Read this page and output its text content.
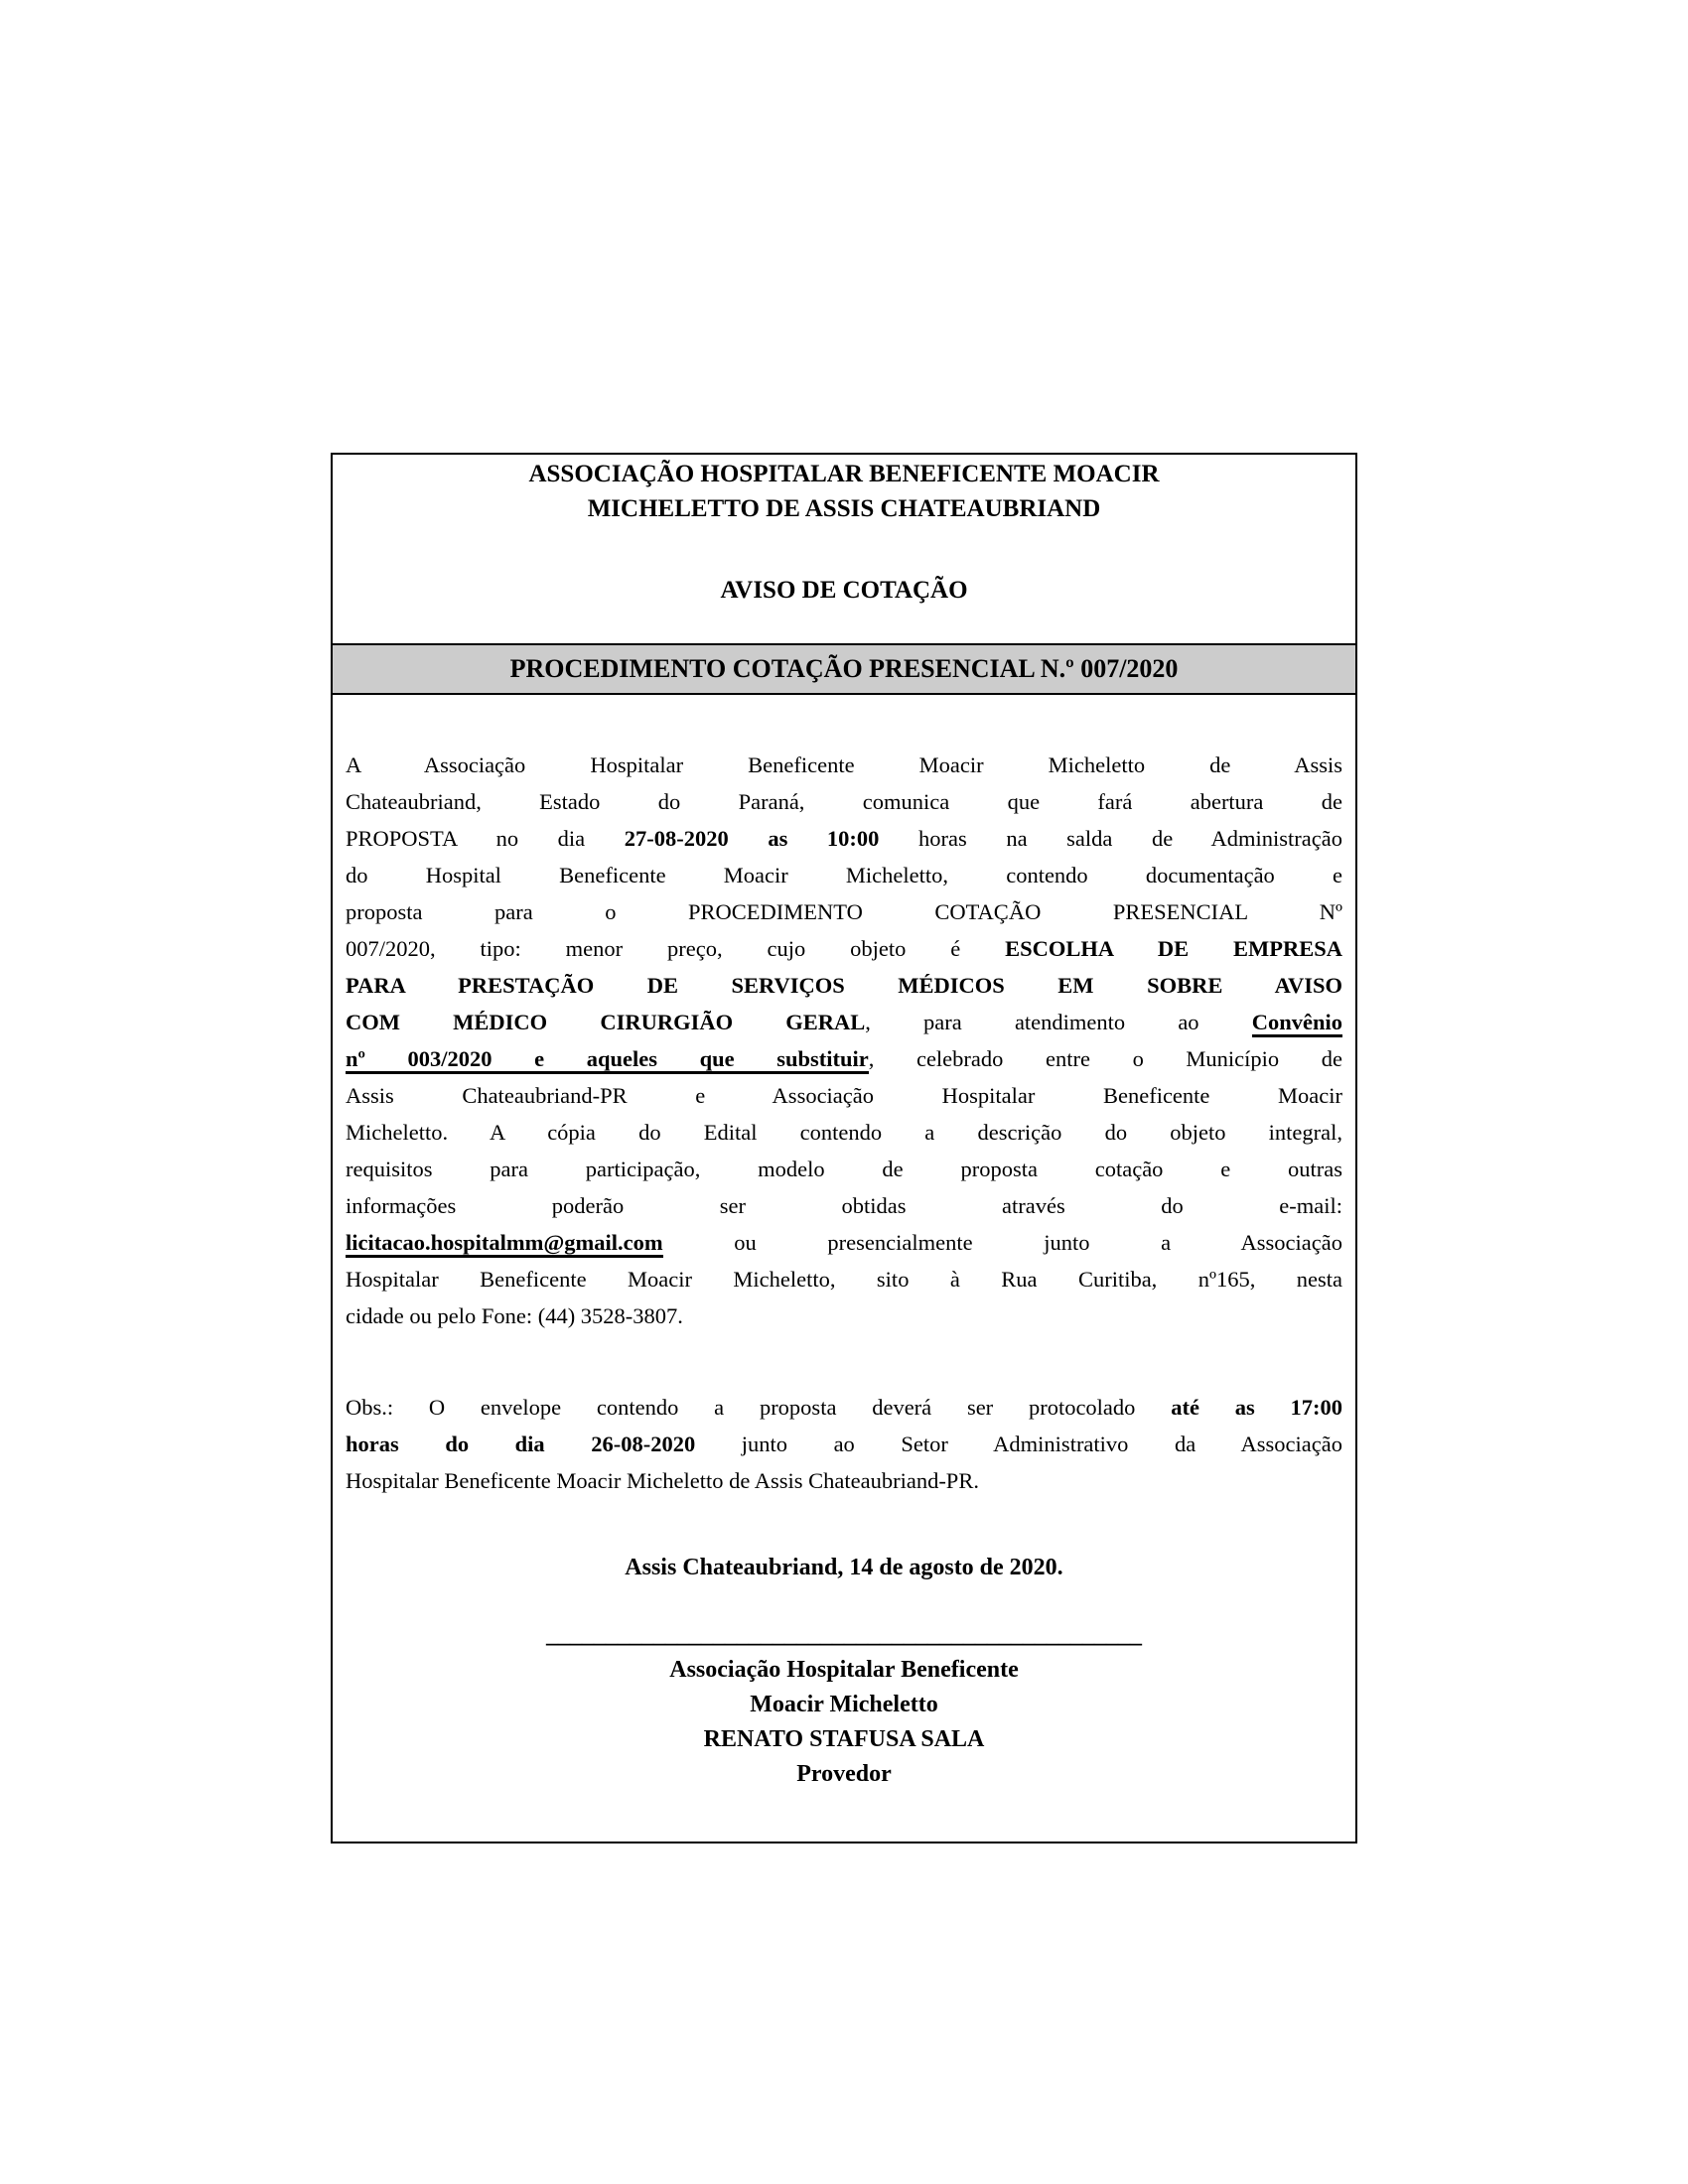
ASSOCIAÇÃO HOSPITALAR BENEFICENTE MOACIR
MICHELETTO DE ASSIS CHATEAUBRIAND
AVISO DE COTAÇÃO
PROCEDIMENTO COTAÇÃO PRESENCIAL N.º 007/2020
A Associação Hospitalar Beneficente Moacir Micheletto de Assis
Chateaubriand, Estado do Paraná, comunica que fará abertura de
PROPOSTA no dia 27-08-2020 as 10:00 horas na salda de Administração
do Hospital Beneficente Moacir Micheletto, contendo documentação e
proposta para o PROCEDIMENTO COTAÇÃO PRESENCIAL Nº
007/2020, tipo: menor preço, cujo objeto é ESCOLHA DE EMPRESA
PARA PRESTAÇÃO DE SERVIÇOS MÉDICOS EM SOBRE AVISO
COM MÉDICO CIRURGIÃO GERAL, para atendimento ao Convênio
nº 003/2020 e aqueles que substituir, celebrado entre o Município de
Assis Chateaubriand-PR e Associação Hospitalar Beneficente Moacir
Micheletto. A cópia do Edital contendo a descrição do objeto integral,
requisitos para participação, modelo de proposta cotação e outras
informações poderão ser obtidas através do e-mail:
licitacao.hospitalmm@gmail.com ou presencialmente junto a Associação
Hospitalar Beneficente Moacir Micheletto, sito à Rua Curitiba, nº165, nesta
cidade ou pelo Fone: (44) 3528-3807.
Obs.: O envelope contendo a proposta deverá ser protocolado até as 17:00
horas do dia 26-08-2020 junto ao Setor Administrativo da Associação
Hospitalar Beneficente Moacir Micheletto de Assis Chateaubriand-PR.
Assis Chateaubriand, 14 de agosto de 2020.
__________________________________________________
Associação Hospitalar Beneficente
Moacir Micheletto
RENATO STAFUSA SALA
Provedor
